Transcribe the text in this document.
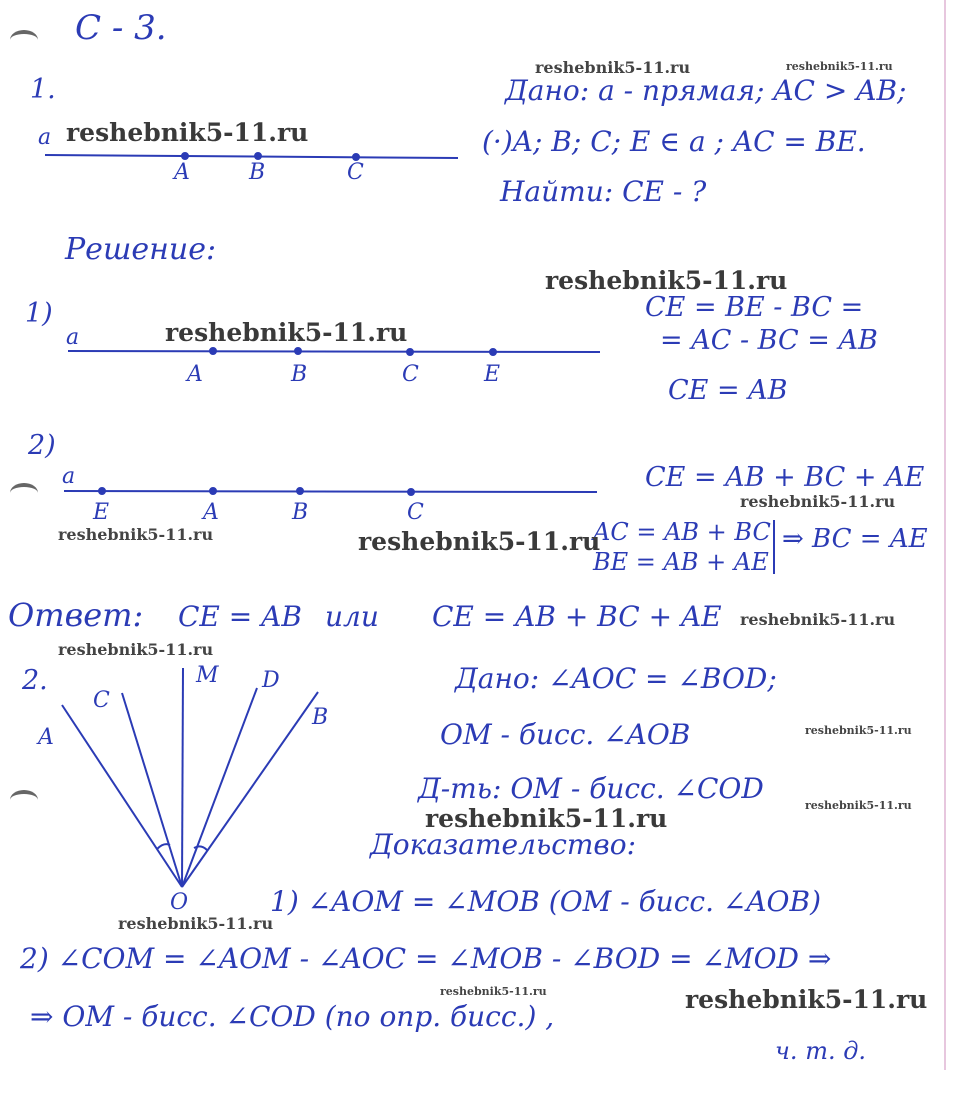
С - 3.
1.	Дано: a - прямая; AC > AB;
(·)A; B; C; E ∈ a ; AC = BE.
Найти: CE - ?
a
A	B	C
Решение:
1)
a
A	B	C	E
CE = BE - BC =
= AC - BC = AB
CE = AB
2)
a
E	A	B	C
CE = AB + BC + AE
AC = AB + BC
BE = AB + AE
⇒ BC = AE
Ответ: CE = AB или CE = AB + BC + AE
2.
A
C
M D
B
O
Дано: ∠AOC = ∠BOD;
OM - бисс. ∠AOB
Д-ть: OM - бисс. ∠COD
Доказательство:
1) ∠AOM = ∠MOB (OM - бисс. ∠AOB)
2) ∠COM = ∠AOM - ∠AOC = ∠MOB - ∠BOD = ∠MOD ⇒
⇒ OM - бисс. ∠COD (по опр. бисс.) ,
ч. т. д.
reshebnik5-11.ru	reshebnik5-11.ru
reshebnik5-11.ru
reshebnik5-11.ru
reshebnik5-11.ru
reshebnik5-11.ru
reshebnik5-11.ru	reshebnik5-11.ru
reshebnik5-11.ru
reshebnik5-11.ru
reshebnik5-11.ru
reshebnik5-11.ru
reshebnik5-11.ru
reshebnik5-11.ru
reshebnik5-11.ru	reshebnik5-11.ru
